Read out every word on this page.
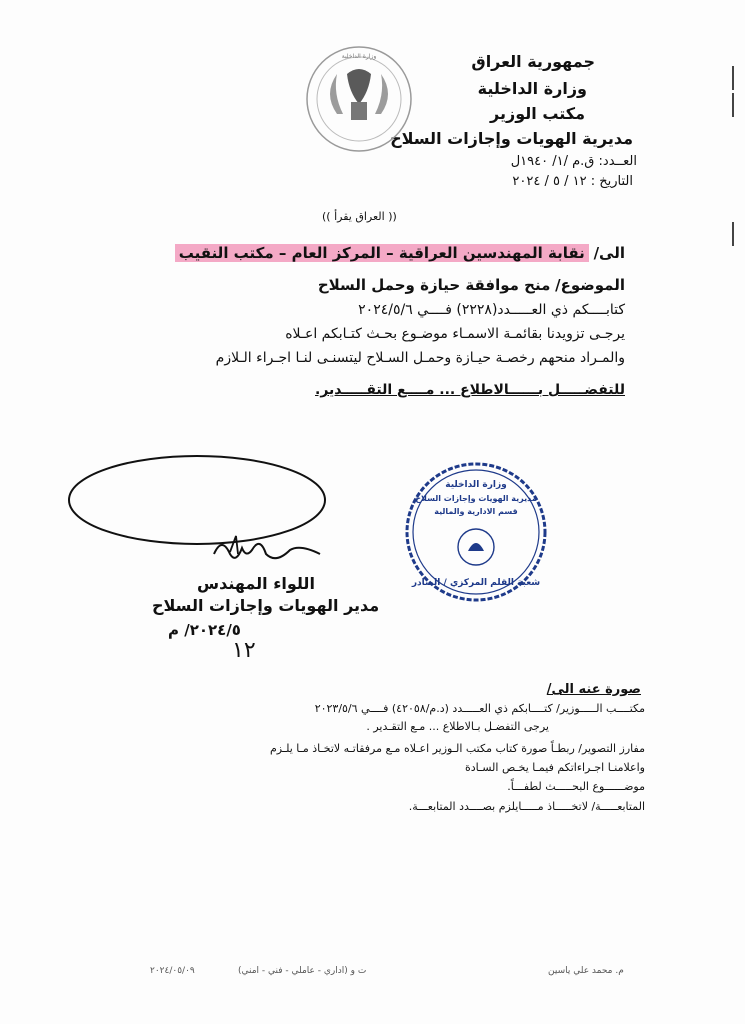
جمهورية العراق
وزارة الداخلية
مكتب الوزير
مديرية الهويات وإجازات السلاح
العــدد: ق.م /١/ ١٩٤٠ل
التاريخ : ١٢ / ٥ / ٢٠٢٤
وزارة الداخلية
(( العراق يقرأ ))
الى/ نقابة المهندسين العراقية – المركز العام – مكتب النقيب
الموضوع/ منح موافقة حيازة وحمل السلاح
كتابــــكم ذي العـــــدد(٢٢٢٨) فــــي ٢٠٢٤/٥/٦
يرجـى تزويدنا بقائمـة الاسمـاء موضـوع بحـث كتـابكم اعـلاه
والمـراد منحهم رخصـة حيـازة وحمـل السـلاح ليتسنـى لنـا اجـراء الـلازم
للتفضـــــل بــــــالاطلاع ... مــــع التقـــــدير.
اللواء المهندس
مدير الهويات وإجازات السلاح
٢٠٢٤/٥/ م
١٢
وزارة الداخلية
مديرية الهويات وإجازات السلاح
قسم الادارية والمالية
شعبة القلم المركزي / الصادر
صورة عنه الى/
مكتــــب الـــــوزير/ كتــــابكم ذي العـــــدد (د.م/٤٢٠٥٨) فــــي ٢٠٢٣/٥/٦
يرجى التفضـل بـالاطلاع ... مـع التقـدير .
مفارز التصوير/ ربطـاً صورة كتاب مكتب الـوزير اعـلاه مـع مرفقاتـه لاتخـاذ مـا يلـزم
واعلامنـا اجـراءاتكم فيمـا يخـص السـادة
موضــــــوع البحـــــث لطفـــاً.
المتابعـــــة/ لاتخـــــاذ مـــــايلزم بصــــدد المتابعـــة.
م. محمد علي ياسين
ت و (اداري - عاملي - فني - امني)
٢٠٢٤/٠٥/٠٩
